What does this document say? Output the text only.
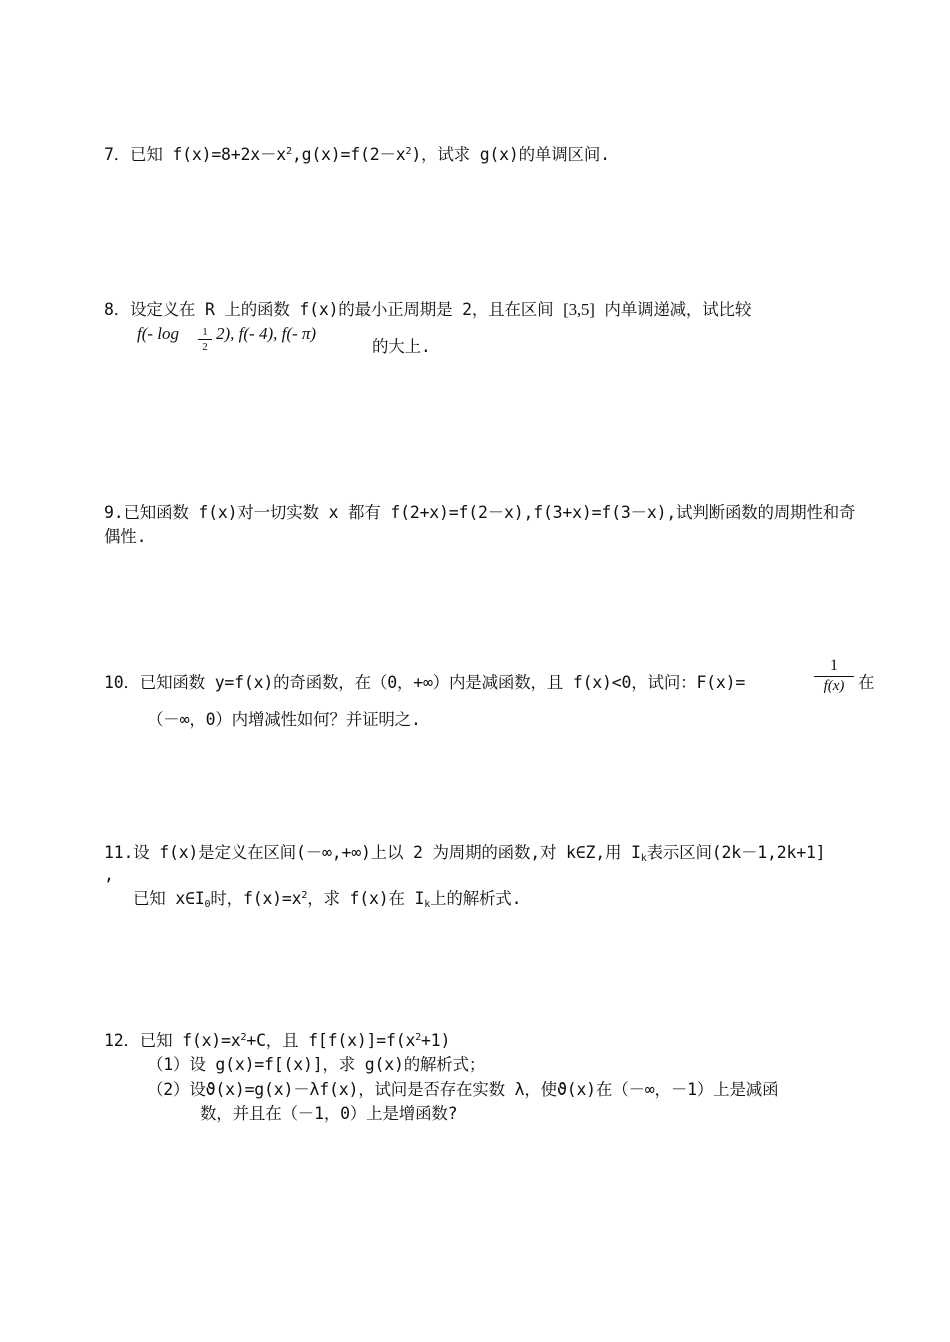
7．已知 $f(x)=8+2x-x^2,g(x)=f(2-x^2)$，试求 g(x)的单调区间.
8．设定义在 R 上的函数 f(x)的最小正周期是 2，且在区间 [3,5] 内单调递减，试比较
f(- log	1
2
2), f(- 4), f(- π)
的大上.
9.已知函数 f(x)对一切实数 x 都有 f(2+x)=f(2－x),f(3+x)=f(3－x),试判断函数的周期性和奇
偶性.
10．已知函数 y=f(x)的奇函数，在（0，+∞）内是减函数，且 f(x)<0，试问：F(x)=
1
f(x) 在
（－∞，0）内增减性如何？并证明之.
11.设 f(x)是定义在区间(－∞,+∞)上以 2 为周期的函数,对 k∈Z,用 $I_k$表示区间(2k－1,2k+1]
,
已知 $x\in I_0$时，$f(x)=x^2$，求 f(x)在 $I_k$上的解析式.
12．已知 $f(x)=x^2+C$，且 $f[f(x)]=f(x^2+1)$
（1）设 g(x)=f[(x)]，求 g(x)的解析式；
（2）设ϑ(x)=g(x)－λf(x)，试问是否存在实数 λ，使ϑ(x)在（－∞，－1）上是减函
数，并且在（－1，0）上是增函数?
